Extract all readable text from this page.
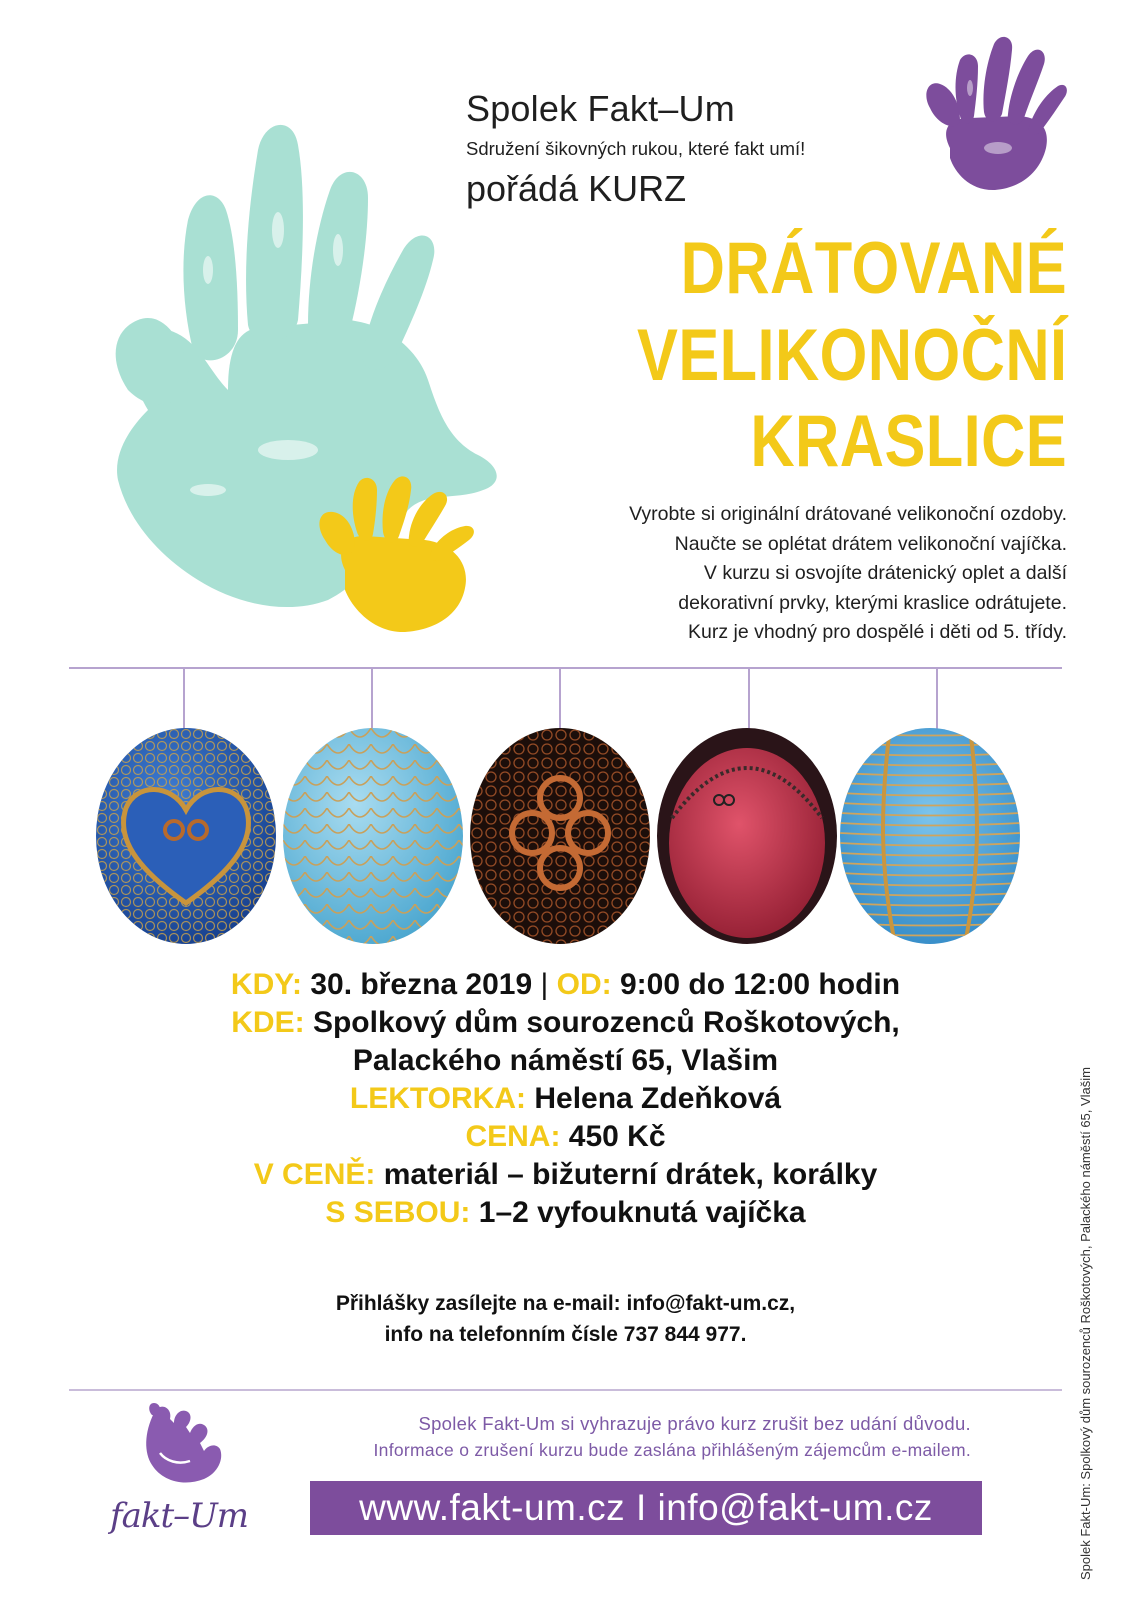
Spolek Fakt–Um
Sdružení šikovných rukou, které fakt umí!
pořádá KURZ
DRÁTOVANÉ
VELIKONOČNÍ
KRASLICE
Vyrobte si originální drátované velikonoční ozdoby.
Naučte se oplétat drátem velikonoční vajíčka.
V kurzu si osvojíte drátenický oplet a další
dekorativní prvky, kterými kraslice odrátujete.
Kurz je vhodný pro dospělé i děti od 5. třídy.
KDY: 30. března 2019 | OD: 9:00 do 12:00 hodin
KDE: Spolkový dům sourozenců Roškotových,
Palackého náměstí 65, Vlašim
LEKTORKA: Helena Zdeňková
CENA: 450 Kč
V CENĚ: materiál – bižuterní drátek, korálky
S SEBOU: 1–2 vyfouknutá vajíčka
Přihlášky zasílejte na e-mail: info@fakt-um.cz,
info na telefonním čísle 737 844 977.	Spolek Fakt-Um: Spolkový dům sourozenců Roškotových, Palackého náměstí 65, Vlašim
Spolek Fakt-Um si vyhrazuje právo kurz zrušit bez udání důvodu.
Informace o zrušení kurzu bude zaslána přihlášeným zájemcům e-mailem.
www.fakt-um.cz I info@fakt-um.cz
fakt–Um
